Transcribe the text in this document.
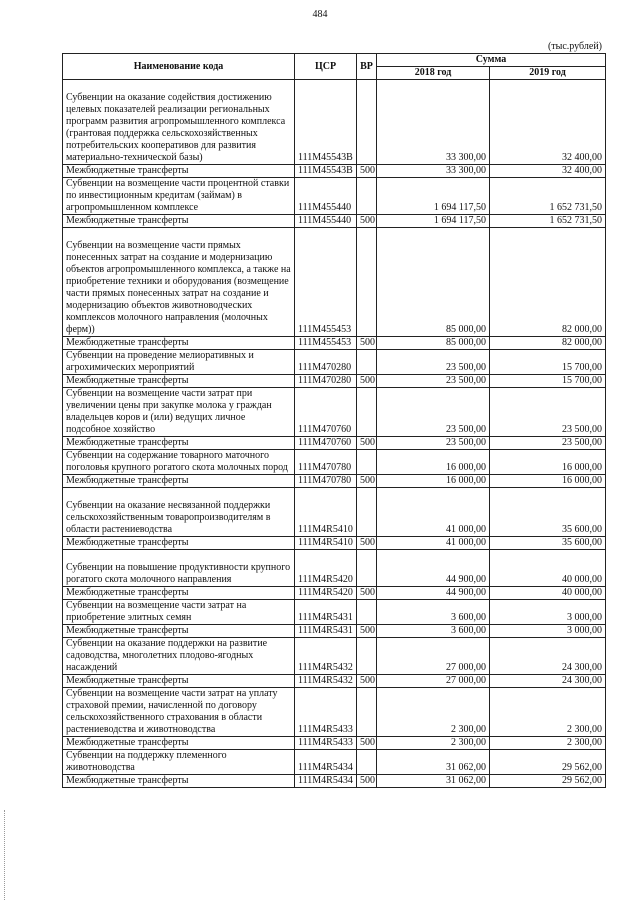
484
(тыс.рублей)
Наименование кода	ЦСР	ВР	Сумма	
			2018 год	2019 год

Субвенции на оказание содействия достижению целевых показателей реализации региональных программ развития агропромышленного комплекса (грантовая поддержка сельскохозяйственных потребительских кооперативов для развития материально-технической базы)	111M45543B		33 300,00	32 400,00
Межбюджетные трансферты	111M45543B	500	33 300,00	32 400,00
Субвенции на возмещение части процентной ставки по инвестиционным кредитам (займам) в агропромышленном комплексе	111M455440		1 694 117,50	1 652 731,50
Межбюджетные трансферты	111M455440	500	1 694 117,50	1 652 731,50

Субвенции на возмещение части прямых понесенных затрат на создание и модернизацию объектов агропромышленного комплекса, а также на приобретение техники и оборудования (возмещение части прямых понесенных затрат на создание и модернизацию объектов животноводческих комплексов молочного направления (молочных ферм))	111M455453		85 000,00	82 000,00
Межбюджетные трансферты	111M455453	500	85 000,00	82 000,00
Субвенции на проведение мелиоративных и агрохимических мероприятий	111M470280		23 500,00	15 700,00
Межбюджетные трансферты	111M470280	500	23 500,00	15 700,00
Субвенции на возмещение части затрат при увеличении цены при закупке молока у граждан владельцев коров и (или) ведущих личное подсобное хозяйство	111M470760		23 500,00	23 500,00
Межбюджетные трансферты	111M470760	500	23 500,00	23 500,00
Субвенции на содержание товарного маточного поголовья крупного рогатого скота молочных пород	111M470780		16 000,00	16 000,00
Межбюджетные трансферты	111M470780	500	16 000,00	16 000,00

Субвенции на оказание несвязанной поддержки сельскохозяйственным товаропроизводителям в области растениеводства	111M4R5410		41 000,00	35 600,00
Межбюджетные трансферты	111M4R5410	500	41 000,00	35 600,00

Субвенции на повышение продуктивности крупного рогатого скота молочного направления	111M4R5420		44 900,00	40 000,00
Межбюджетные трансферты	111M4R5420	500	44 900,00	40 000,00
Субвенции на возмещение части затрат на приобретение элитных семян	111M4R5431		3 600,00	3 000,00
Межбюджетные трансферты	111M4R5431	500	3 600,00	3 000,00
Субвенции на оказание поддержки на развитие садоводства, многолетних плодово-ягодных насаждений	111M4R5432		27 000,00	24 300,00
Межбюджетные трансферты	111M4R5432	500	27 000,00	24 300,00
Субвенции на возмещение части затрат на уплату страховой премии, начисленной по договору сельскохозяйственного страхования в области растениеводства и животноводства	111M4R5433		2 300,00	2 300,00
Межбюджетные трансферты	111M4R5433	500	2 300,00	2 300,00
Субвенции на поддержку племенного животноводства	111M4R5434		31 062,00	29 562,00
Межбюджетные трансферты	111M4R5434	500	31 062,00	29 562,00
